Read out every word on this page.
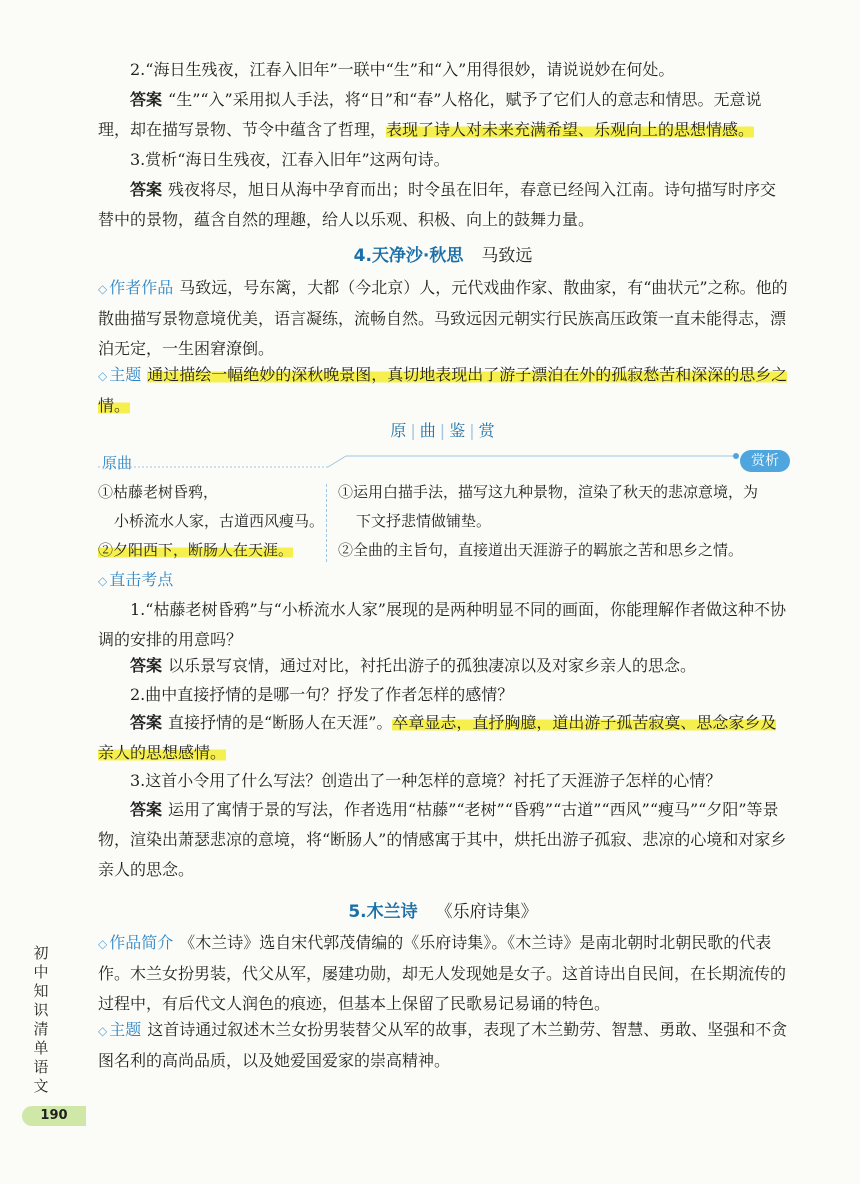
2.“海日生残夜，江春入旧年”一联中“生”和“入”用得很妙，请说说妙在何处。

答案 “生”“入”采用拟人手法，将“日”和“春”人格化，赋予了它们人的意志和情思。无意说理，却在描写景物、节令中蕴含了哲理，表现了诗人对未来充满希望、乐观向上的思想情感。

3.赏析“海日生残夜，江春入旧年”这两句诗。

答案 残夜将尽，旭日从海中孕育而出；时令虽在旧年，春意已经闯入江南。诗句描写时序交替中的景物，蕴含自然的理趣，给人以乐观、积极、向上的鼓舞力量。

4.天净沙·秋思 马致远

◇ 作者作品 马致远，号东篱，大都（今北京）人，元代戏曲作家、散曲家，有“曲状元”之称。他的散曲描写景物意境优美，语言凝练，流畅自然。马致远因元朝实行民族高压政策一直未能得志，漂泊无定，一生困窘潦倒。

◇ 主题 通过描绘一幅绝妙的深秋晚景图，真切地表现出了游子漂泊在外的孤寂愁苦和深深的思乡之情。

原 | 曲 | 鉴 | 赏
原曲	赏析
①枯藤老树昏鸦，
小桥流水人家，古道西风瘦马。
②夕阳西下，断肠人在天涯。
①运用白描手法，描写这九种景物，渲染了秋天的悲凉意境，为
下文抒悲情做铺垫。
②全曲的主旨句，直接道出天涯游子的羁旅之苦和思乡之情。

◇ 直击考点

1.“枯藤老树昏鸦”与“小桥流水人家”展现的是两种明显不同的画面，你能理解作者做这种不协调的安排的用意吗？

答案 以乐景写哀情，通过对比，衬托出游子的孤独凄凉以及对家乡亲人的思念。

2.曲中直接抒情的是哪一句？抒发了作者怎样的感情？

答案 直接抒情的是“断肠人在天涯”。卒章显志，直抒胸臆，道出游子孤苦寂寞、思念家乡及亲人的思想感情。

3.这首小令用了什么写法？创造出了一种怎样的意境？衬托了天涯游子怎样的心情？

答案 运用了寓情于景的写法，作者选用“枯藤”“老树”“昏鸦”“古道”“西风”“瘦马”“夕阳”等景物，渲染出萧瑟悲凉的意境，将“断肠人”的情感寓于其中，烘托出游子孤寂、悲凉的心境和对家乡亲人的思念。

5.木兰诗 《乐府诗集》

◇ 作品简介 《木兰诗》选自宋代郭茂倩编的《乐府诗集》。《木兰诗》是南北朝时北朝民歌的代表作。木兰女扮男装，代父从军，屡建功勋，却无人发现她是女子。这首诗出自民间，在长期流传的过程中，有后代文人润色的痕迹，但基本上保留了民歌易记易诵的特色。

◇ 主题 这首诗通过叙述木兰女扮男装替父从军的故事，表现了木兰勤劳、智慧、勇敢、坚强和不贪图名利的高尚品质，以及她爱国爱家的崇高精神。

初中知识清单 语文
190
